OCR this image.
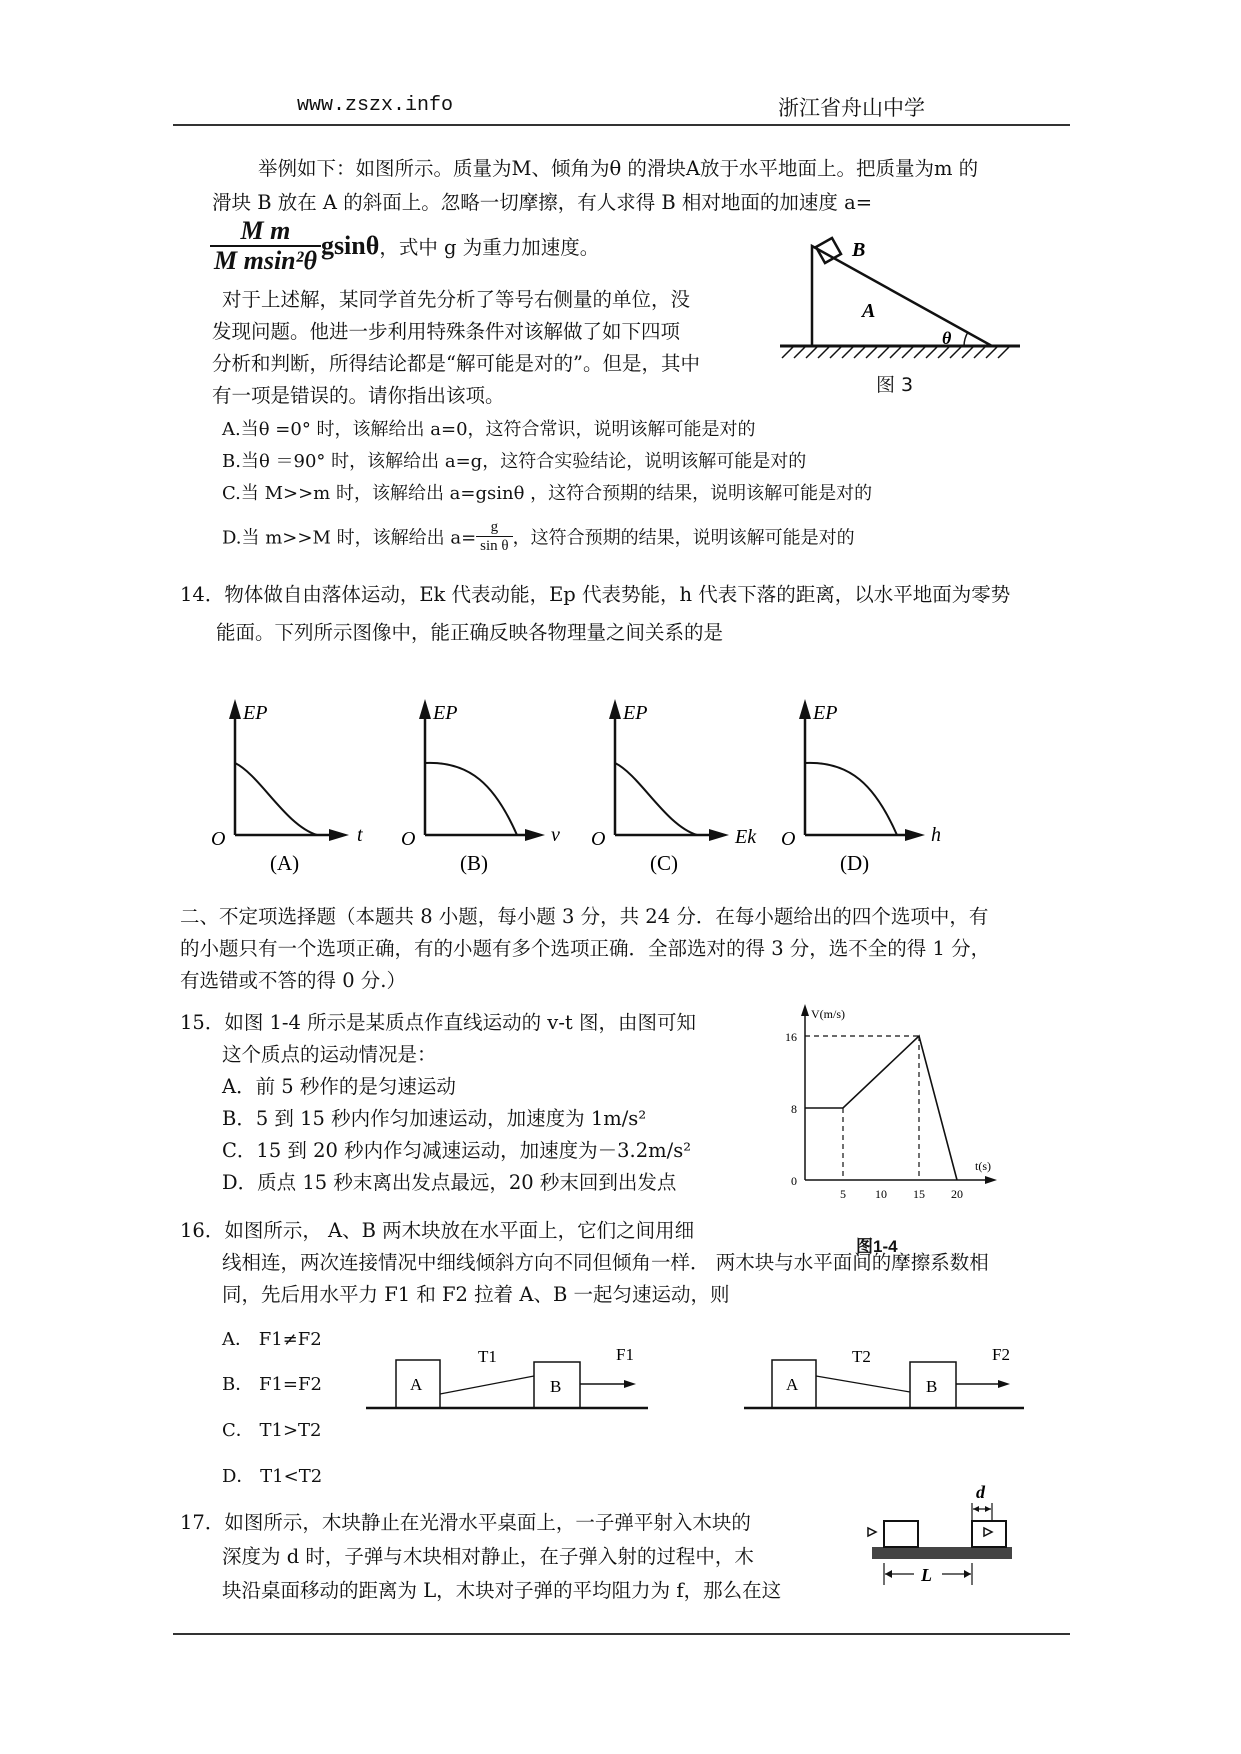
www.zszx.info	浙江省舟山中学
举例如下：如图所示。质量为M、倾角为θ 的滑块A放于水平地面上。把质量为m 的
滑块 B 放在 A 的斜面上。忽略一切摩擦，有人求得 B 相对地面的加速度 a=
$\frac{\text{M m}}{\text{M msin²θ}}$ gsinθ，式中 g 为重力加速度。
对于上述解，某同学首先分析了等号右侧量的单位，没
发现问题。他进一步利用特殊条件对该解做了如下四项
分析和判断，所得结论都是“解可能是对的”。但是，其中
有一项是错误的。请你指出该项。
B
A
θ
图 3
A.当θ =0° 时，该解给出 a=0，这符合常识，说明该解可能是对的
B.当θ ＝90° 时，该解给出 a=g，这符合实验结论，说明该解可能是对的
C.当 M>>m 时，该解给出 a=gsinθ ，这符合预期的结果，说明该解可能是对的
D.当 m>>M 时，该解给出 $a= \frac{g}{\text{sin θ}}$ ，这符合预期的结果，说明该解可能是对的
14．物体做自由落体运动，Ek 代表动能，Ep 代表势能，h 代表下落的距离，以水平地面为零势
能面。下列所示图像中，能正确反映各物理量之间关系的是
EP
t
O
(A)
EP
v
O
(B)
EP
Ek
O
(C)
EP
h
O
(D)
二、不定项选择题（本题共 8 小题，每小题 3 分，共 24 分．在每小题给出的四个选项中，有
的小题只有一个选项正确，有的小题有多个选项正确．全部选对的得 3 分，选不全的得 1 分，
有选错或不答的得 0 分.）
15．如图 1-4 所示是某质点作直线运动的 v-t 图，由图可知
这个质点的运动情况是：
A．前 5 秒作的是匀速运动
B．5 到 15 秒内作匀加速运动，加速度为 1m/s²
C．15 到 20 秒内作匀减速运动，加速度为－3.2m/s²
D．质点 15 秒末离出发点最远，20 秒末回到出发点
V(m/s)
t(s)
0
8
16
5 10 15 20
图1-4
16．如图所示， A、B 两木块放在水平面上，它们之间用细
线相连，两次连接情况中细线倾斜方向不同但倾角一样． 两木块与水平面间的摩擦系数相
同，先后用水平力 F1 和 F2 拉着 A、B 一起匀速运动，则
A． F1≠F2
B． F1=F2
C． T1>T2
D． T1<T2
A	B
T1	F1
A	B
T2	F2
17．如图所示，木块静止在光滑水平桌面上，一子弹平射入木块的
深度为 d 时，子弹与木块相对静止，在子弹入射的过程中，木
块沿桌面移动的距离为 L，木块对子弹的平均阻力为 f，那么在这
d
L
